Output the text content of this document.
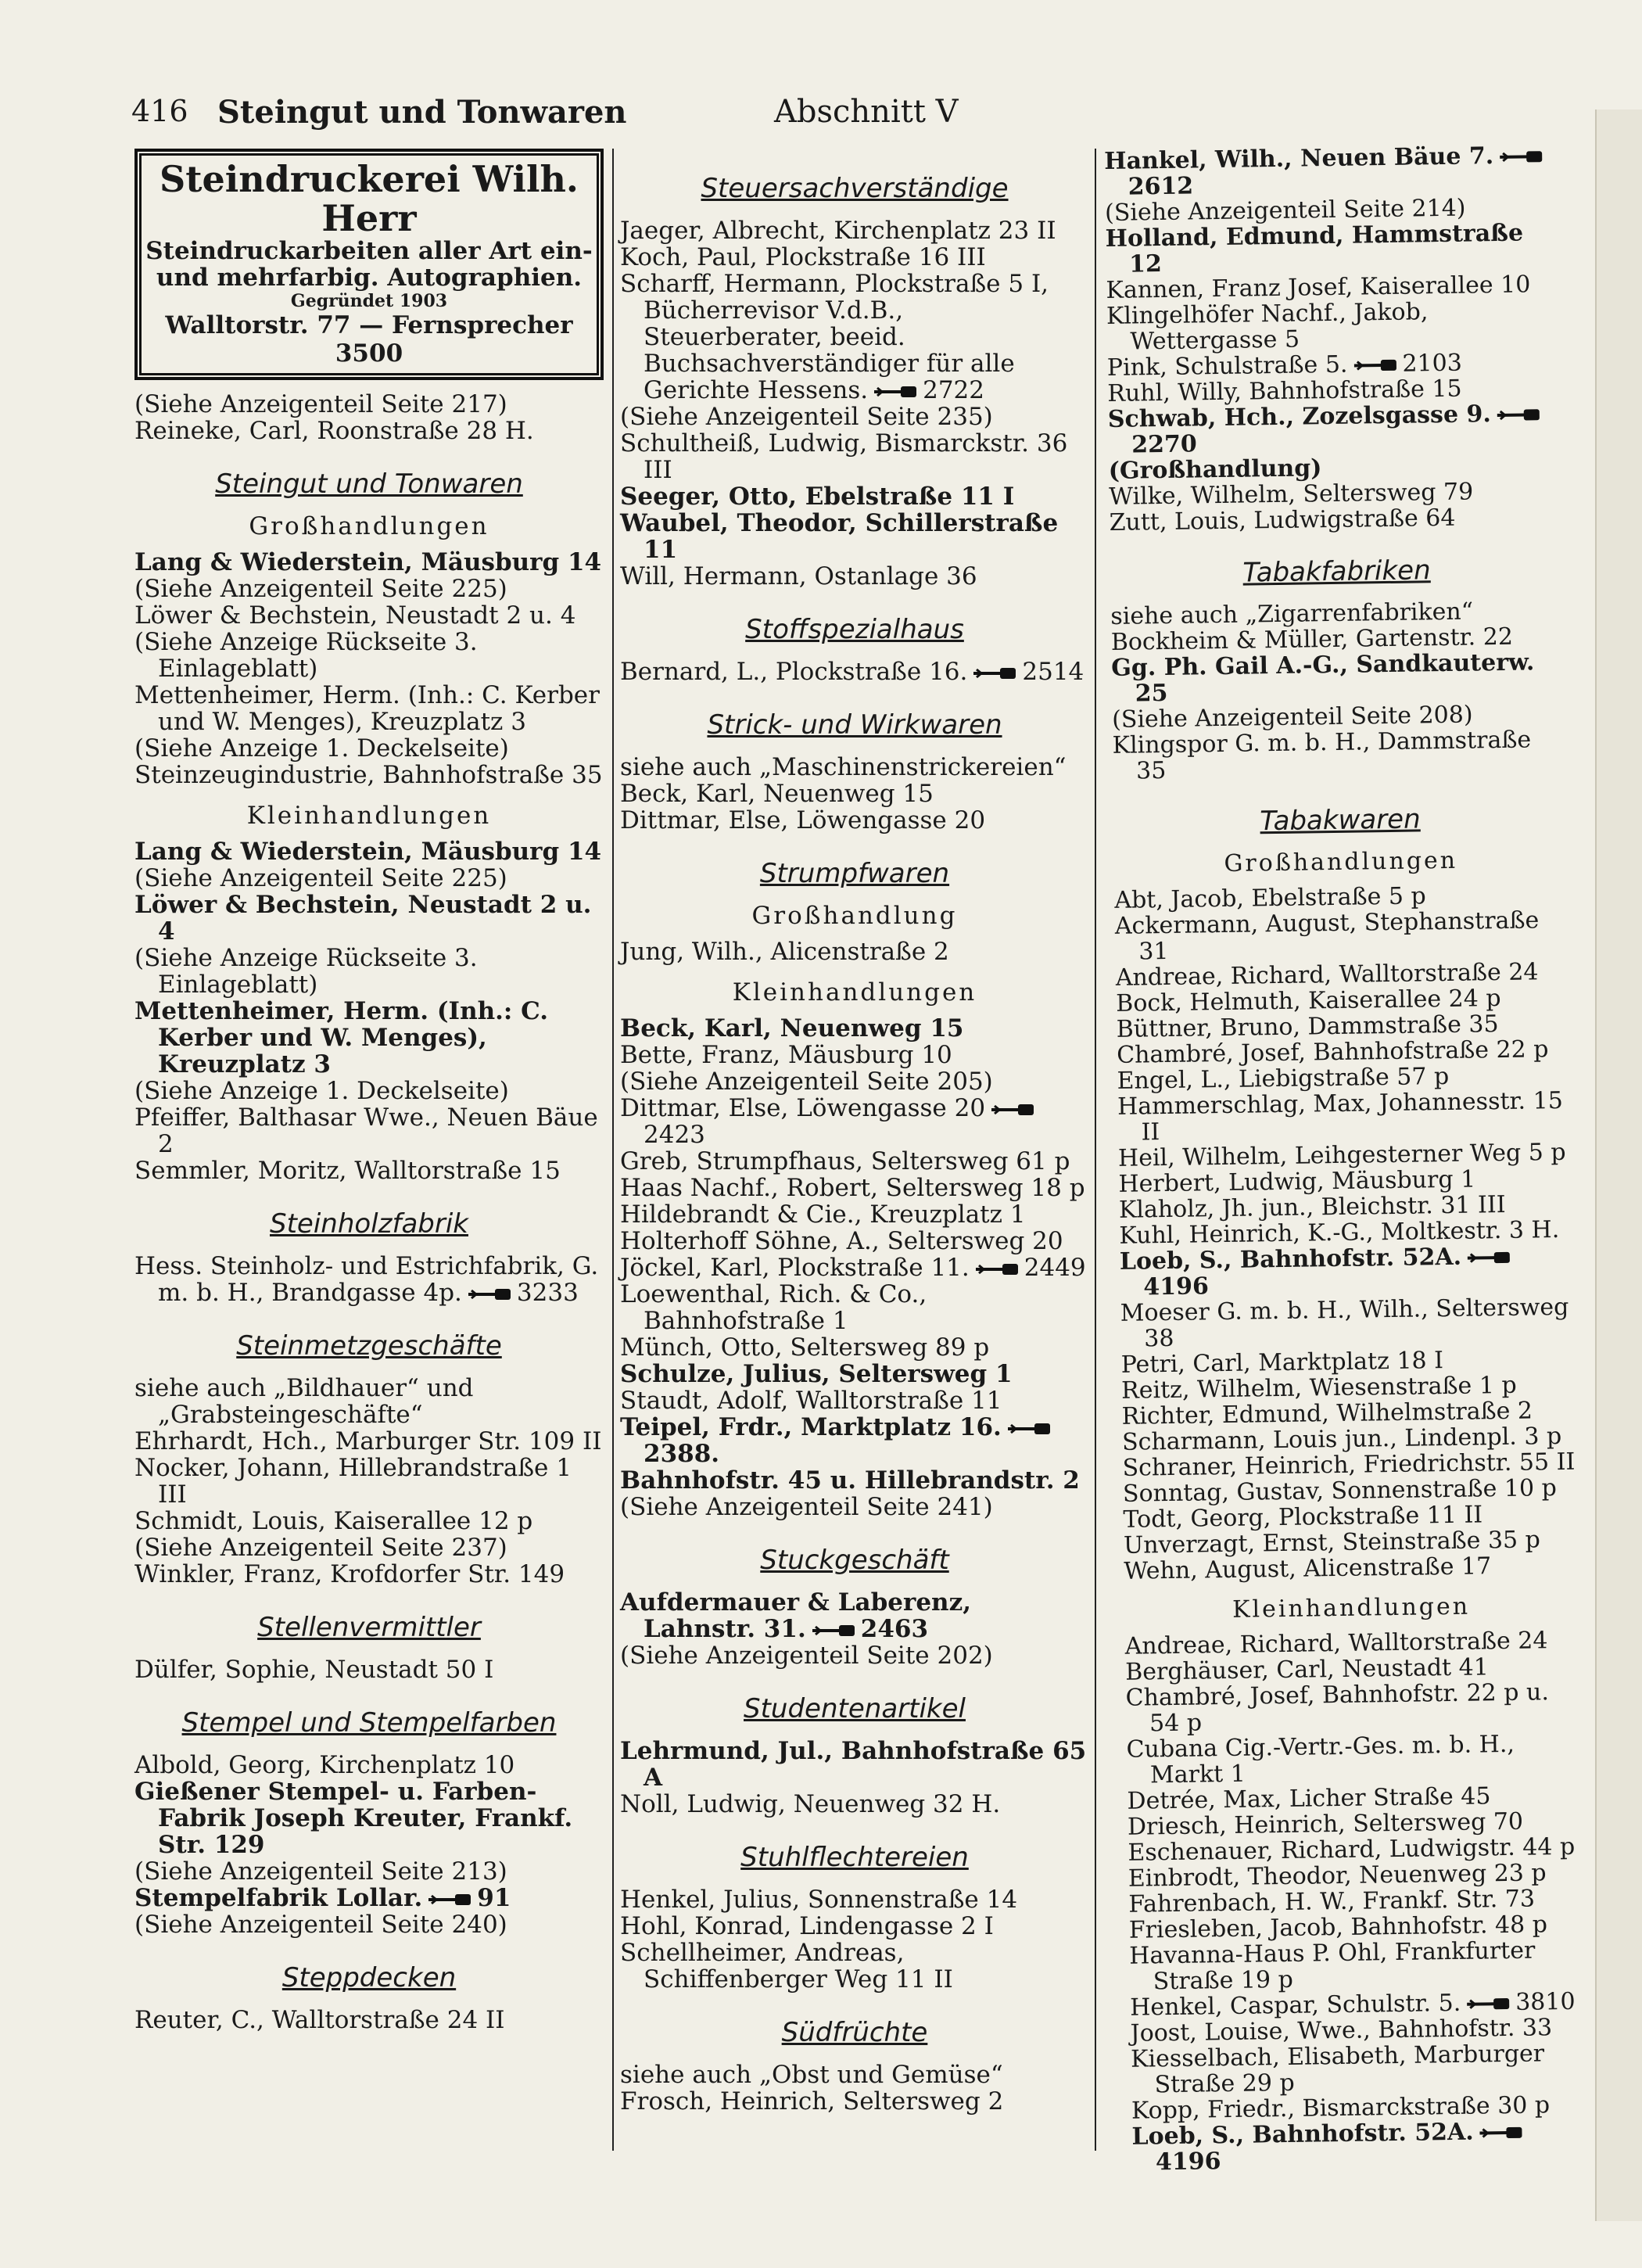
416 Steingut und Tonwaren	Abschnitt V
Steindruckerei Wilh. Herr
Steindruckarbeiten aller Art ein- und mehrfarbig. Autographien.
Gegründet 1903
Walltorstr. 77 — Fernsprecher 3500
(Siehe Anzeigenteil Seite 217)
Reineke, Carl, Roonstraße 28 H.
Steingut und Tonwaren
Großhandlungen
Lang & Wiederstein, Mäusburg 14
(Siehe Anzeigenteil Seite 225)
Löwer & Bechstein, Neustadt 2 u. 4
(Siehe Anzeige Rückseite 3. Einlageblatt)
Mettenheimer, Herm. (Inh.: C. Kerber und W. Menges), Kreuzplatz 3
(Siehe Anzeige 1. Deckelseite)
Steinzeugindustrie, Bahnhofstraße 35
Kleinhandlungen
Lang & Wiederstein, Mäusburg 14
(Siehe Anzeigenteil Seite 225)
Löwer & Bechstein, Neustadt 2 u. 4
(Siehe Anzeige Rückseite 3. Einlageblatt)
Mettenheimer, Herm. (Inh.: C. Kerber und W. Menges), Kreuzplatz 3
(Siehe Anzeige 1. Deckelseite)
Pfeiffer, Balthasar Wwe., Neuen Bäue 2
Semmler, Moritz, Walltorstraße 15
Steinholzfabrik
Hess. Steinholz- und Estrichfabrik, G. m. b. H., Brandgasse 4p. 3233
Steinmetzgeschäfte
siehe auch „Bildhauer“ und „Grabsteingeschäfte“
Ehrhardt, Hch., Marburger Str. 109 II
Nocker, Johann, Hillebrandstraße 1 III
Schmidt, Louis, Kaiserallee 12 p
(Siehe Anzeigenteil Seite 237)
Winkler, Franz, Krofdorfer Str. 149
Stellenvermittler
Dülfer, Sophie, Neustadt 50 I
Stempel und Stempelfarben
Albold, Georg, Kirchenplatz 10
Gießener Stempel- u. Farben-Fabrik Joseph Kreuter, Frankf. Str. 129
(Siehe Anzeigenteil Seite 213)
Stempelfabrik Lollar. 91
(Siehe Anzeigenteil Seite 240)
Steppdecken
Reuter, C., Walltorstraße 24 II
Steuersachverständige
Jaeger, Albrecht, Kirchenplatz 23 II
Koch, Paul, Plockstraße 16 III
Scharff, Hermann, Plockstraße 5 I, Bücherrevisor V.d.B., Steuerberater, beeid. Buchsachverständiger für alle Gerichte Hessens. 2722
(Siehe Anzeigenteil Seite 235)
Schultheiß, Ludwig, Bismarckstr. 36 III
Seeger, Otto, Ebelstraße 11 I
Waubel, Theodor, Schillerstraße 11
Will, Hermann, Ostanlage 36
Stoffspezialhaus
Bernard, L., Plockstraße 16. 2514
Strick- und Wirkwaren
siehe auch „Maschinenstrickereien“
Beck, Karl, Neuenweg 15
Dittmar, Else, Löwengasse 20
Strumpfwaren
Großhandlung
Jung, Wilh., Alicenstraße 2
Kleinhandlungen
Beck, Karl, Neuenweg 15
Bette, Franz, Mäusburg 10
(Siehe Anzeigenteil Seite 205)
Dittmar, Else, Löwengasse 20
2423
Greb, Strumpfhaus, Seltersweg 61 p
Haas Nachf., Robert, Seltersweg 18 p
Hildebrandt & Cie., Kreuzplatz 1
Holterhoff Söhne, A., Seltersweg 20
Jöckel, Karl, Plockstraße 11. 2449
Loewenthal, Rich. & Co., Bahnhofstraße 1
Münch, Otto, Seltersweg 89 p
Schulze, Julius, Seltersweg 1
Staudt, Adolf, Walltorstraße 11
Teipel, Frdr., Marktplatz 16.
2388.
Bahnhofstr. 45 u. Hillebrandstr. 2
(Siehe Anzeigenteil Seite 241)
Stuckgeschäft
Aufdermauer & Laberenz, Lahnstr. 31. 2463
(Siehe Anzeigenteil Seite 202)
Studentenartikel
Lehrmund, Jul., Bahnhofstraße 65 A
Noll, Ludwig, Neuenweg 32 H.
Stuhlflechtereien
Henkel, Julius, Sonnenstraße 14
Hohl, Konrad, Lindengasse 2 I
Schellheimer, Andreas, Schiffenberger Weg 11 II
Südfrüchte
siehe auch „Obst und Gemüse“
Frosch, Heinrich, Seltersweg 2
Hankel, Wilh., Neuen Bäue 7.
2612
(Siehe Anzeigenteil Seite 214)
Holland, Edmund, Hammstraße 12
Kannen, Franz Josef, Kaiserallee 10
Klingelhöfer Nachf., Jakob, Wettergasse 5
Pink, Schulstraße 5. 2103
Ruhl, Willy, Bahnhofstraße 15
Schwab, Hch., Zozelsgasse 9.
2270
(Großhandlung)
Wilke, Wilhelm, Seltersweg 79
Zutt, Louis, Ludwigstraße 64
Tabakfabriken
siehe auch „Zigarrenfabriken“
Bockheim & Müller, Gartenstr. 22
Gg. Ph. Gail A.-G., Sandkauterw. 25
(Siehe Anzeigenteil Seite 208)
Klingspor G. m. b. H., Dammstraße 35
Tabakwaren
Großhandlungen
Abt, Jacob, Ebelstraße 5 p
Ackermann, August, Stephanstraße 31
Andreae, Richard, Walltorstraße 24
Bock, Helmuth, Kaiserallee 24 p
Büttner, Bruno, Dammstraße 35
Chambré, Josef, Bahnhofstraße 22 p
Engel, L., Liebigstraße 57 p
Hammerschlag, Max, Johannesstr. 15 II
Heil, Wilhelm, Leihgesterner Weg 5 p
Herbert, Ludwig, Mäusburg 1
Klaholz, Jh. jun., Bleichstr. 31 III
Kuhl, Heinrich, K.-G., Moltkestr. 3 H.
Loeb, S., Bahnhofstr. 52A.
4196
Moeser G. m. b. H., Wilh., Seltersweg 38
Petri, Carl, Marktplatz 18 I
Reitz, Wilhelm, Wiesenstraße 1 p
Richter, Edmund, Wilhelmstraße 2
Scharmann, Louis jun., Lindenpl. 3 p
Schraner, Heinrich, Friedrichstr. 55 II
Sonntag, Gustav, Sonnenstraße 10 p
Todt, Georg, Plockstraße 11 II
Unverzagt, Ernst, Steinstraße 35 p
Wehn, August, Alicenstraße 17
Kleinhandlungen
Andreae, Richard, Walltorstraße 24
Berghäuser, Carl, Neustadt 41
Chambré, Josef, Bahnhofstr. 22 p u. 54 p
Cubana Cig.-Vertr.-Ges. m. b. H., Markt 1
Detrée, Max, Licher Straße 45
Driesch, Heinrich, Seltersweg 70
Eschenauer, Richard, Ludwigstr. 44 p
Einbrodt, Theodor, Neuenweg 23 p
Fahrenbach, H. W., Frankf. Str. 73
Friesleben, Jacob, Bahnhofstr. 48 p
Havanna-Haus P. Ohl, Frankfurter Straße 19 p
Henkel, Caspar, Schulstr. 5. 3810
Joost, Louise, Wwe., Bahnhofstr. 33
Kiesselbach, Elisabeth, Marburger Straße 29 p
Kopp, Friedr., Bismarckstraße 30 p
Loeb, S., Bahnhofstr. 52A.
4196
